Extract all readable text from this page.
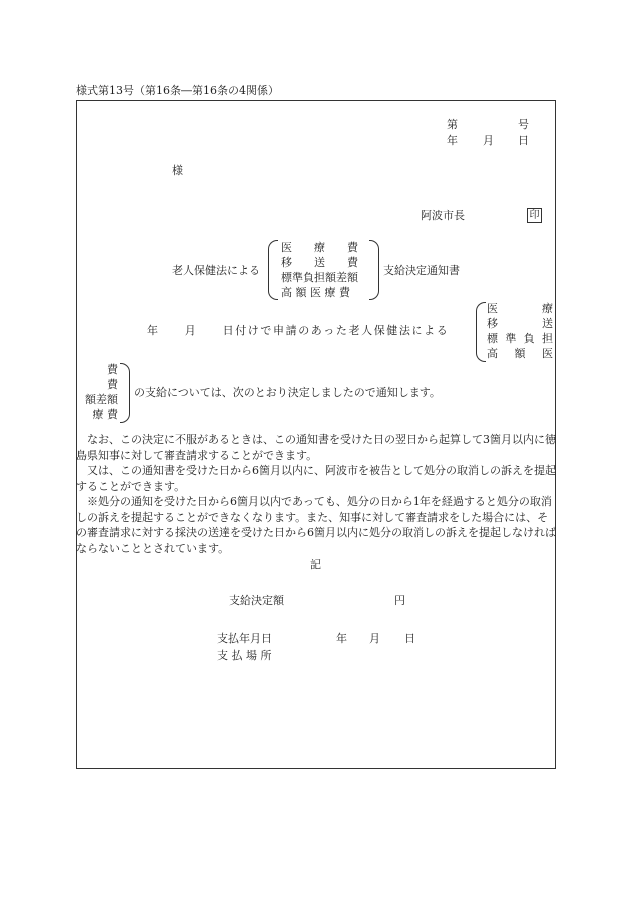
様式第13号（第16条―第16条の4関係）
第	号
年 月 日
様
阿波市長	印
老人保健法による
医　　療　　費
移　　送　　費
標準負担額差額
高 額 医 療 費
支給決定通知書
年　　月　　日付けで申請のあった老人保健法による
医	療
移	送
標 準 負 担
高 額 医
費
費
額差額
療 費
の支給については、次のとおり決定しましたので通知します。
なお、この決定に不服があるときは、この通知書を受けた日の翌日から起算して3箇月以内に徳島県知事に対して審査請求することができます。
又は、この通知書を受けた日から6箇月以内に、阿波市を被告として処分の取消しの訴えを提起することができます。
※処分の通知を受けた日から6箇月以内であっても、処分の日から1年を経過すると処分の取消しの訴えを提起することができなくなります。また、知事に対して審査請求をした場合には、その審査請求に対する採決の送達を受けた日から6箇月以内に処分の取消しの訴えを提起しなければならないこととされています。
記
支給決定額	円
支払年月日	年 月 日
支 払 場 所
